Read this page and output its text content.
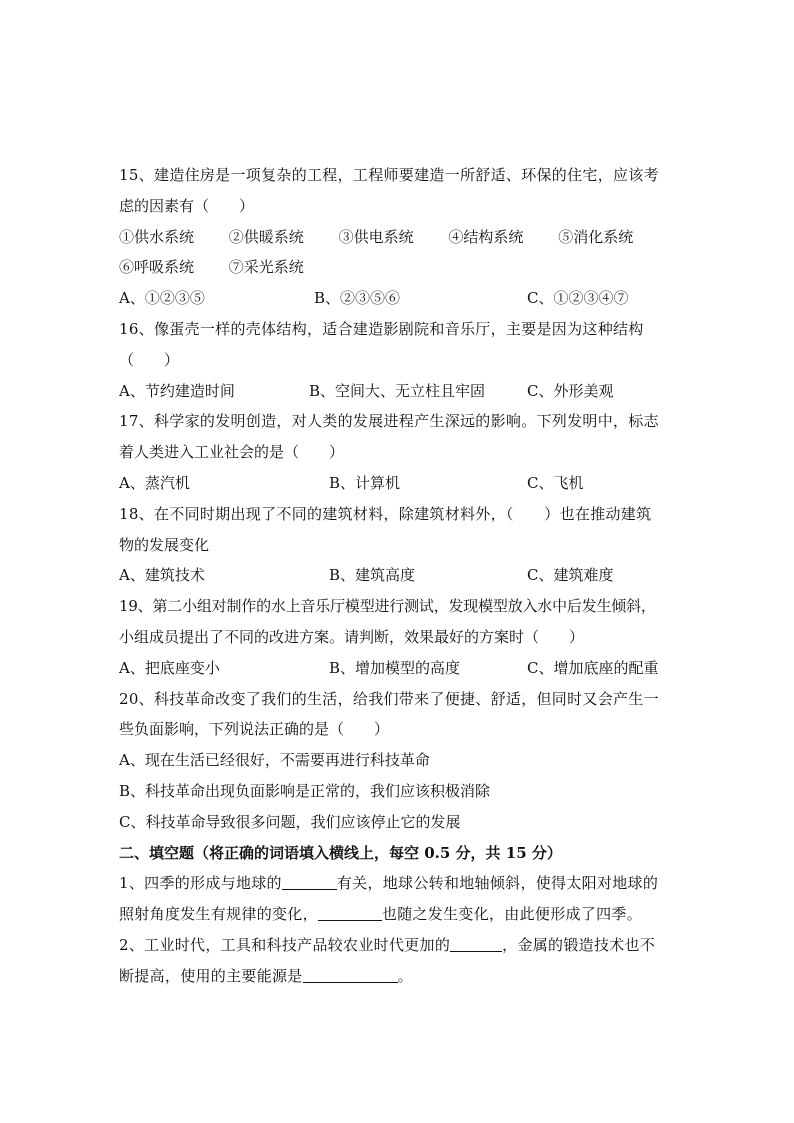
15、建造住房是一项复杂的工程，工程师要建造一所舒适、环保的住宅，应该考
虑的因素有（　　）
①供水系统 ②供暖系统 ③供电系统 ④结构系统 ⑤消化系统
⑥呼吸系统 ⑦采光系统
A、①②③⑤	B、②③⑤⑥	C、①②③④⑦
16、像蛋壳一样的壳体结构，适合建造影剧院和音乐厅，主要是因为这种结构
（　　）
A、节约建造时间	B、空间大、无立柱且牢固	C、外形美观
17、科学家的发明创造，对人类的发展进程产生深远的影响。下列发明中，标志
着人类进入工业社会的是（　　）
A、蒸汽机	B、计算机	C、飞机
18、在不同时期出现了不同的建筑材料，除建筑材料外，（　　）也在推动建筑
物的发展变化
A、建筑技术	B、建筑高度	C、建筑难度
19、第二小组对制作的水上音乐厅模型进行测试，发现模型放入水中后发生倾斜，
小组成员提出了不同的改进方案。请判断，效果最好的方案时（　　）
A、把底座变小	B、增加模型的高度	C、增加底座的配重
20、科技革命改变了我们的生活，给我们带来了便捷、舒适，但同时又会产生一
些负面影响，下列说法正确的是（　　）
A、现在生活已经很好，不需要再进行科技革命
B、科技革命出现负面影响是正常的，我们应该积极消除
C、科技革命导致很多问题，我们应该停止它的发展
二、填空题（将正确的词语填入横线上，每空 0.5 分，共 15 分）
1、四季的形成与地球的	有关，地球公转和地轴倾斜，使得太阳对地球的
照射角度发生有规律的变化，	也随之发生变化，由此便形成了四季。
2、工业时代，工具和科技产品较农业时代更加的	，金属的锻造技术也不
断提高，使用的主要能源是	。
